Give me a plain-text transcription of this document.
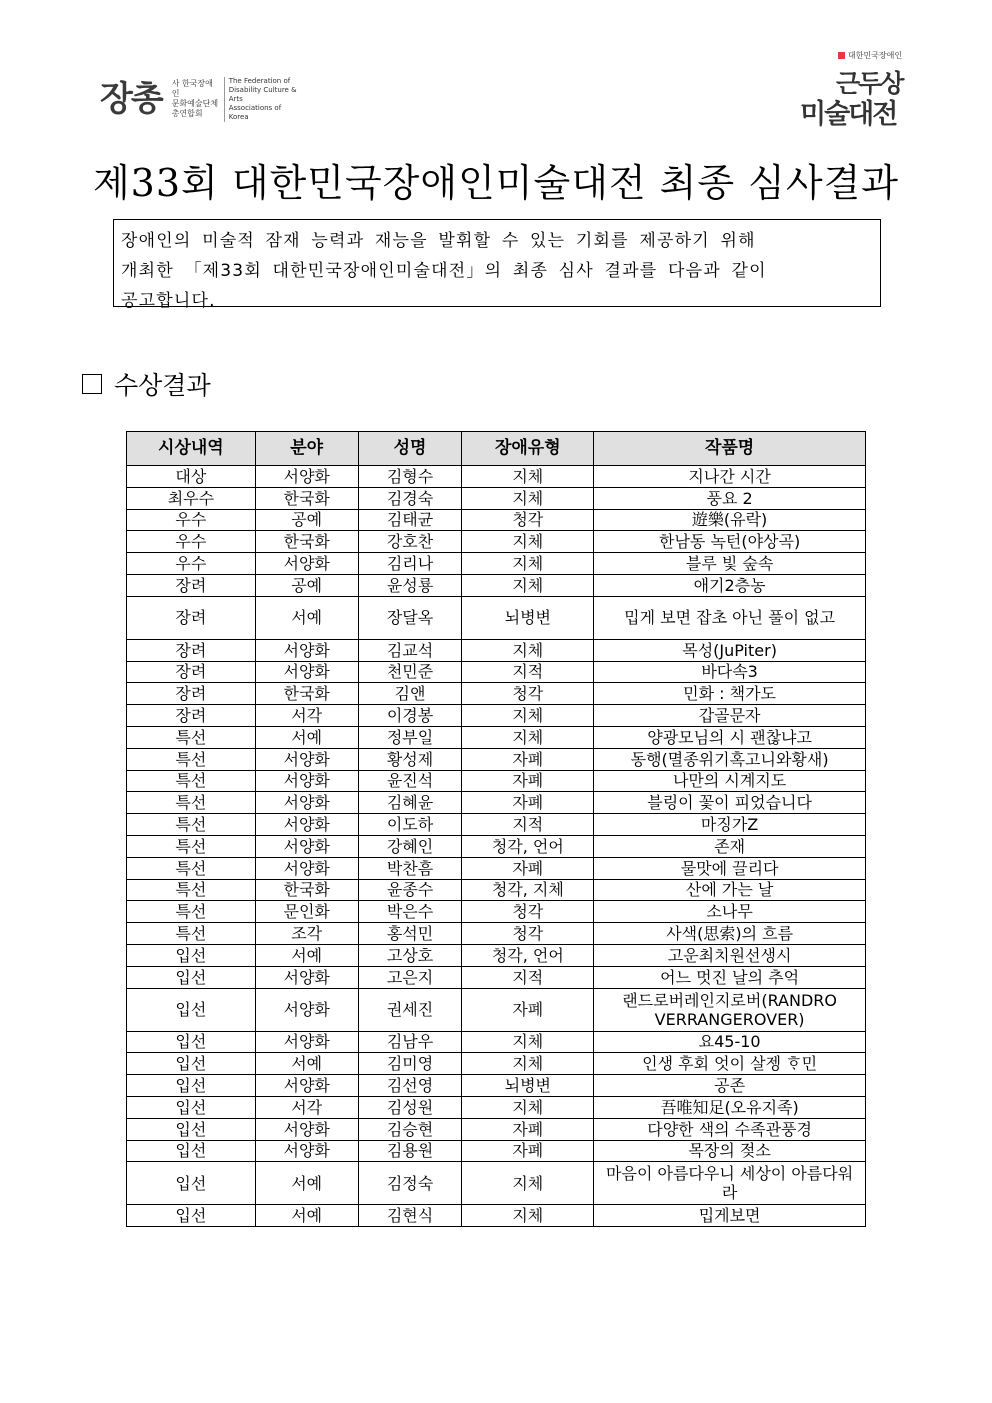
장총 사 한국장애인
문화예술단체
총연합회
The Federation of
Disability Culture & Arts
Associations of
Korea
대한민국장애인
근두상
미술대전
제33회 대한민국장애인미술대전 최종 심사결과
장애인의 미술적 잠재 능력과 재능을 발휘할 수 있는 기회를 제공하기 위해
개최한 「제33회 대한민국장애인미술대전」의 최종 심사 결과를 다음과 같이
공고합니다.
수상결과
시상내역	분야	성명	장애유형	작품명
대상	서양화	김형수	지체	지나간 시간
최우수	한국화	김경숙	지체	풍요 2
우수	공예	김태균	청각	遊樂(유락)
우수	한국화	강호찬	지체	한남동 녹턴(야상곡)
우수	서양화	김리나	지체	블루 빛 숲속
장려	공예	윤성룡	지체	애기2층농
장려	서예	장달옥	뇌병변	밉게 보면 잡초 아닌 풀이 없고
장려	서양화	김교석	지체	목성(JuPiter)
장려	서양화	천민준	지적	바다속3
장려	한국화	김앤	청각	민화 : 책가도
장려	서각	이경봉	지체	갑골문자
특선	서예	정부일	지체	양광모님의 시 괜찮냐고
특선	서양화	황성제	자폐	동행(멸종위기혹고니와황새)
특선	서양화	윤진석	자폐	나만의 시계지도
특선	서양화	김혜윤	자폐	블링이 꽃이 피었습니다
특선	서양화	이도하	지적	마징가Z
특선	서양화	강혜인	청각, 언어	존재
특선	서양화	박찬흠	자폐	물맛에 끌리다
특선	한국화	윤종수	청각, 지체	산에 가는 날
특선	문인화	박은수	청각	소나무
특선	조각	홍석민	청각	사색(思索)의 흐름
입선	서예	고상호	청각, 언어	고운최치원선생시
입선	서양화	고은지	지적	어느 멋진 날의 추억
입선	서양화	권세진	자폐	랜드로버레인지로버(RANDRO VERRANGEROVER)
입선	서양화	김남우	지체	요45-10
입선	서예	김미영	지체	인생 후회 엇이 살젱 ᄒᆞ민
입선	서양화	김선영	뇌병변	공존
입선	서각	김성원	지체	吾唯知足(오유지족)
입선	서양화	김승현	자폐	다양한 색의 수족관풍경
입선	서양화	김용원	자폐	목장의 젖소
입선	서예	김정숙	지체	마음이 아름다우니 세상이 아름다워라
입선	서예	김현식	지체	밉게보면
